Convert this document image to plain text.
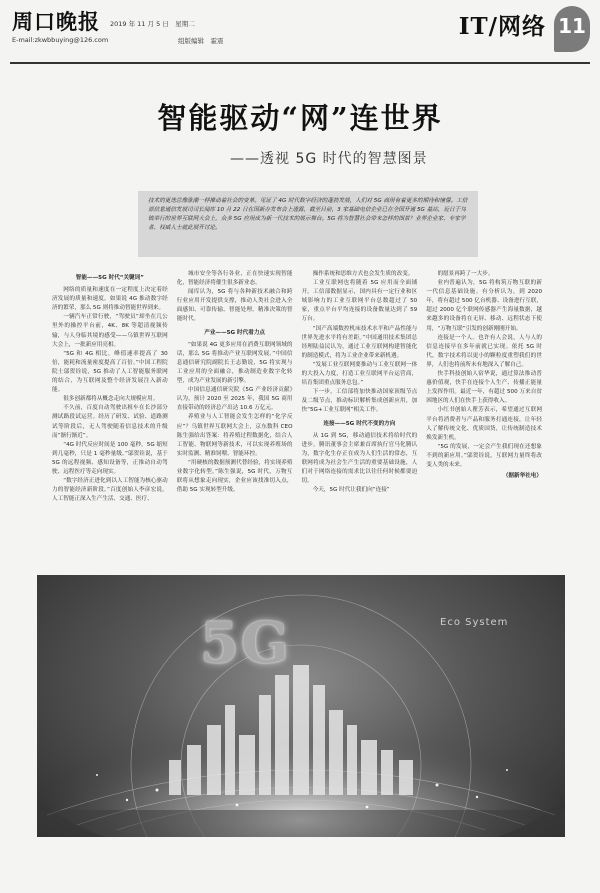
周口晚报 2019 年 11 月 5 日　星期二
E-mail:zkwbbuying@126.com	组版编辑　霍震
IT/网络 11
智能驱动“网”连世界
——透视 5G 时代的智慧图景
技术的更迭总像涨潮一样推动着社会的变革。见证了 4G 时代数字经济的蓬勃发展，人们对 5G 商用有着更多的期待和憧憬。工信部信息通信发展司司长闻库 10 月 22 日在国新办发布会上透露，截至目前，3 家基础电信企业已在全国开通 5G 基站，近日于乌镇举行的世界互联网大会上，众多 5G 应用成为新一代技术的展示舞台。5G 将为智慧社会带来怎样的图景？业界企业家、专家学者、权威人士就此展开讨论。

智能——5G 时代“关键词”

网络的质量和速度在一定程度上决定着经济发展的质量和速度。如果说 4G 推动数字经济的繁荣，那么 5G 则将推动智能世界到来。

一辆汽车正常行驶，“驾驶员”却坐在几公里外的操控平台前，4K、8K 等超清视频传输，与人身临其境的感受——乌镇世界互联网大会上，一批新应用亮相。

“5G 和 4G 相比，峰值速率提高了 30 倍，能耗和流量密度提高了百倍。”中国工程院院士邬贺铨说，5G 推动了人工智能服务联网的结合，为互联网及整个经济发展注入新动能。

很多创新都将从概念走向大规模应用。

不久前，百度自动驾驶出租车在长沙部分测试路段试运营。经历了研发、试验、道路测试等阶段后，无人驾驶随着信息技术的升级而“渐行渐近”。

“4G 时代反应时间是 100 毫秒，5G 缩短到几毫秒，只是 1 毫秒量级。”邬贺铨说，基于 5G 的远程视频、感知设备等，正推动自动驾驶、远程医疗等走向现实。

“数字经济正进化到以人工智能为核心驱动力的智能经济新阶段。”百度创始人李彦宏说，人工智能正深入生产生活、交通、医疗、

城市安全等各行各业，正在快速实现智能化，智能经济将催生很多新业态。

闻库认为，5G 将与各种新技术融合和跨行业应用开发提供支撑，推动人类社会进入全面感知、可靠传输、智能处理、精准决策的智能时代。

产业——5G 时代看力点

“如果说 4G 更多应用在消费互联网领域的话，那么 5G 将推动产业互联网发展。”中国信息通信研究院副院长王志勤说，5G 将实现与工业应用的全面融合，推动制造业数字化转型，成为产业发展的新引擎。

中国信息通信研究院《5G 产业经济贡献》认为，预计 2020 至 2025 年，我国 5G 商用直接带动的经济总产出达 10.6 万亿元。

养殖业与人工智能会发生怎样的“化学反应”？乌镇世界互联网大会上，京东数科 CEO 陈生强给出答案：将养殖过程数据化，结合人工智能、物联网等新技术，可以实现养殖场的实时监测、精准饲喂、智能环控。

“用硬核的数据预测代替经验，将实现养殖业数字化转型。”陈生强说，5G 时代，万物互联将从想象走向现实，企业应该找准切入点，借助 5G 实现转型升级。

操作系统和思维方式也会发生质的改变。

工业互联网也将随着 5G 应用而全面铺开。工信部数据显示，国内具有一定行业和区域影响力的工业互联网平台总数超过了 50 家，重点平台平均连接的设备数量达到了 59 万台。

“国产高端数控机床技术水平和产品性能与世界先进水平将有差距。”中国通用技术集团总经理陆益民认为，通过工业互联网构建智能化的制造模式，将为工业企业带来新机遇。

“发展工业互联网要推动与工业互联网一体的大投入力度，打造工业互联网平台运营商，培育集团重点服务总包。”

下一步，工信部将加快推动国家顶级节点及二级节点，推动标识解析集成创新应用，加快“5G+工业互联网”相关工作。

连接——5G 时代不变的方向

从 1G 到 5G，移动通信技术将给时代的进步。腾讯董事会主席兼首席执行官马化腾认为，数字化生存正在成为人们生活的常态，互联网将成为社会生产生活的重要基础设施，人们对于网络连接的需求比以往任何时候都要迫切。

今天，5G 时代让我们向“连接”

的愿景再跨了一大步。

业内普遍认为，5G 将构筑万物互联的新一代信息基础设施。有分析认为，到 2020 年，将有超过 500 亿台机器、设备进行互联，超过 2000 亿个联网传感器产生海量数据，越来越多的设备将在无屏、移动、远程状态下使用，“万物互联”引发的创新刚刚开始。

连接是一个人。也许有人会说，人与人的信息连接早在多年前就已实现。依托 5G 时代，数字技术将以更小的颗粒度重塑我们的世界，人们也将前所未有地深入了解自己。

快手科技创始人宿华说，通过算法推动普惠价值观，快手在连接个人生产、传播正能量上发挥作用。最近一年，有超过 500 万来自贫困地区的人们在快手上获得收入。

小红书创始人瞿芳表示，希望通过互联网平台将消费者与产品和服务打通连接，让年轻人了解传统文化、优质国货，让传统制造技术焕发新生机。

“5G 的发展，一定会产生我们现在还想象不到的新应用。”邬贺铨说，互联网力量终将改变人类的未来。

（据新华社电）

5G	Eco System
